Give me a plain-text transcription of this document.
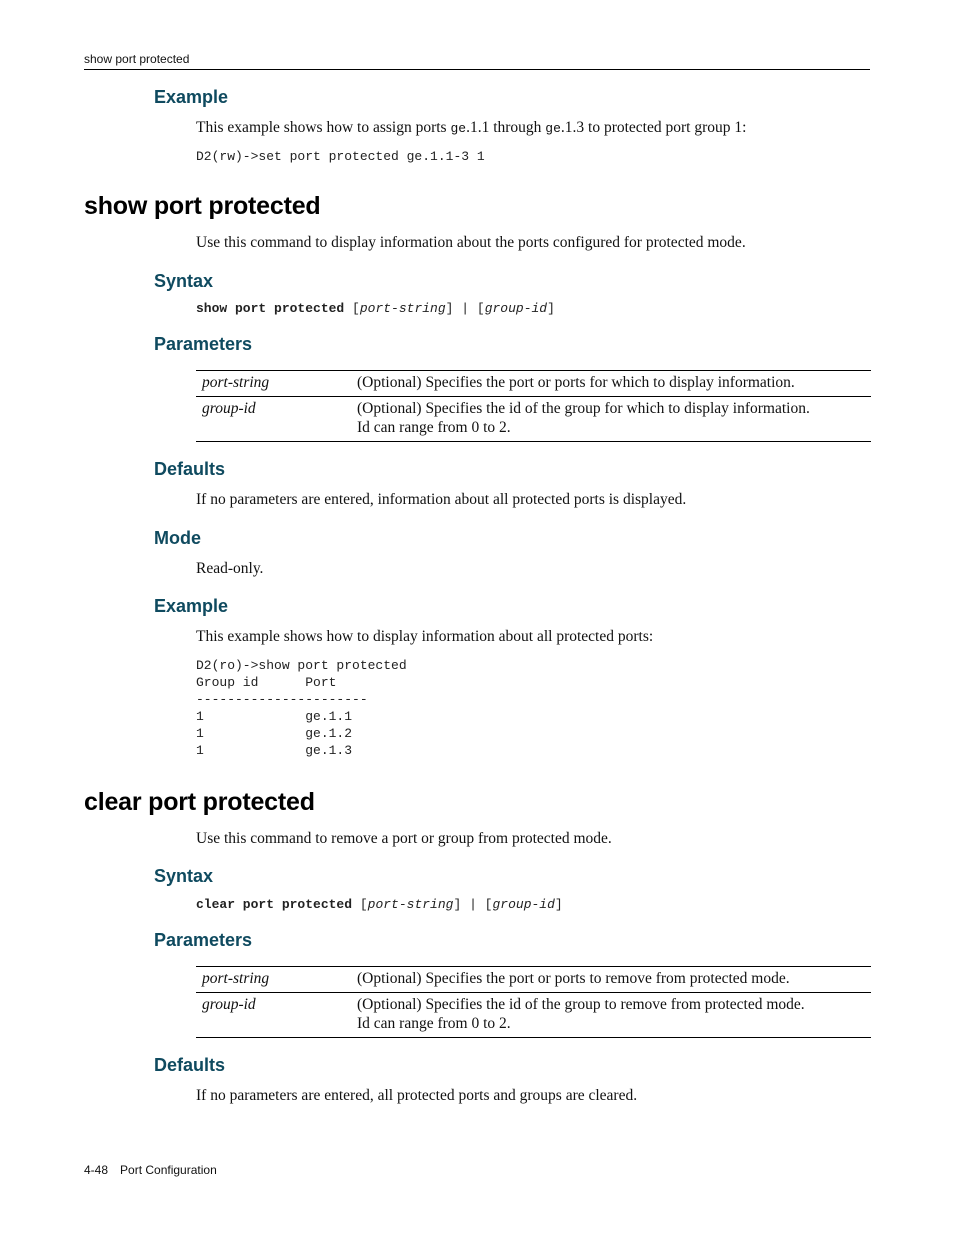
show port protected
Example
This example shows how to assign ports ge.1.1 through ge.1.3 to protected port group 1:
D2(rw)->set port protected ge.1.1-3 1
show port protected
Use this command to display information about the ports configured for protected mode.
Syntax
show port protected [port-string] | [group-id]
Parameters
port-string	(Optional) Specifies the port or ports for which to display information.
group-id	(Optional) Specifies the id of the group for which to display information.
Id can range from 0 to 2.
Defaults
If no parameters are entered, information about all protected ports is displayed.
Mode
Read-only.
Example
This example shows how to display information about all protected ports:
D2(ro)->show port protected
Group id      Port
----------------------
1             ge.1.1
1             ge.1.2
1             ge.1.3
clear port protected
Use this command to remove a port or group from protected mode.
Syntax
clear port protected [port-string] | [group-id]
Parameters
port-string	(Optional) Specifies the port or ports to remove from protected mode.
group-id	(Optional) Specifies the id of the group to remove from protected mode.
Id can range from 0 to 2.
Defaults
If no parameters are entered, all protected ports and groups are cleared.
4-48 Port Configuration
